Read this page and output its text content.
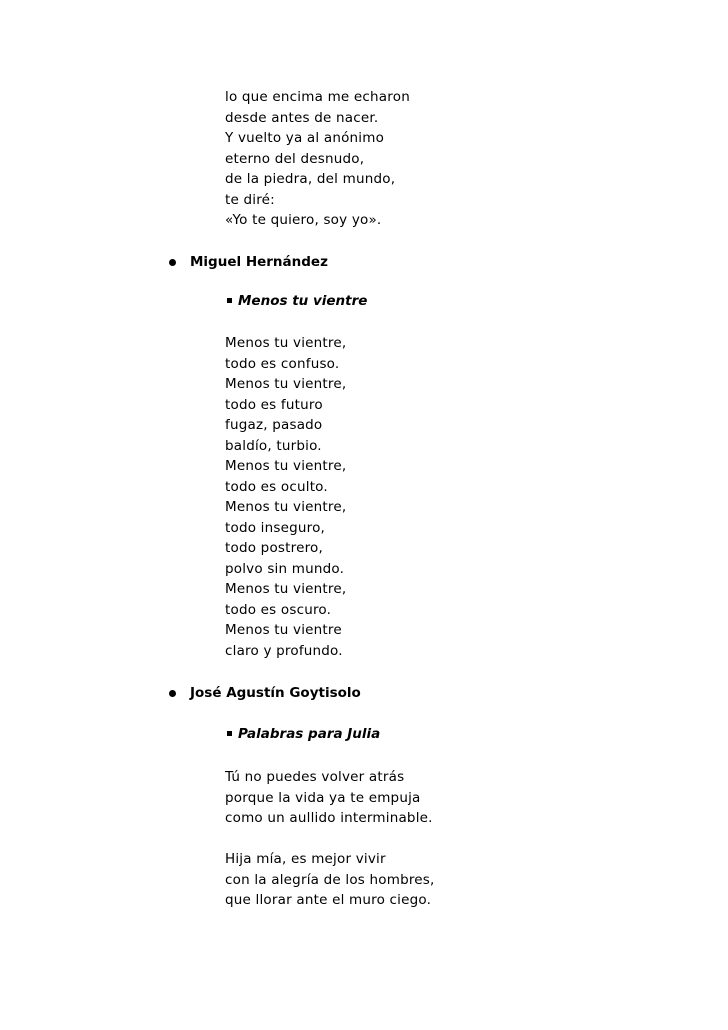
lo que encima me echaron
desde antes de nacer.
Y vuelto ya al anónimo
eterno del desnudo,
de la piedra, del mundo,
te diré:
«Yo te quiero, soy yo».
Miguel Hernández
Menos tu vientre
Menos tu vientre,
todo es confuso.
Menos tu vientre,
todo es futuro
fugaz, pasado
baldío, turbio.
Menos tu vientre,
todo es oculto.
Menos tu vientre,
todo inseguro,
todo postrero,
polvo sin mundo.
Menos tu vientre,
todo es oscuro.
Menos tu vientre
claro y profundo.
José Agustín Goytisolo
Palabras para Julia
Tú no puedes volver atrás
porque la vida ya te empuja
como un aullido interminable.
Hija mía, es mejor vivir
con la alegría de los hombres,
que llorar ante el muro ciego.
